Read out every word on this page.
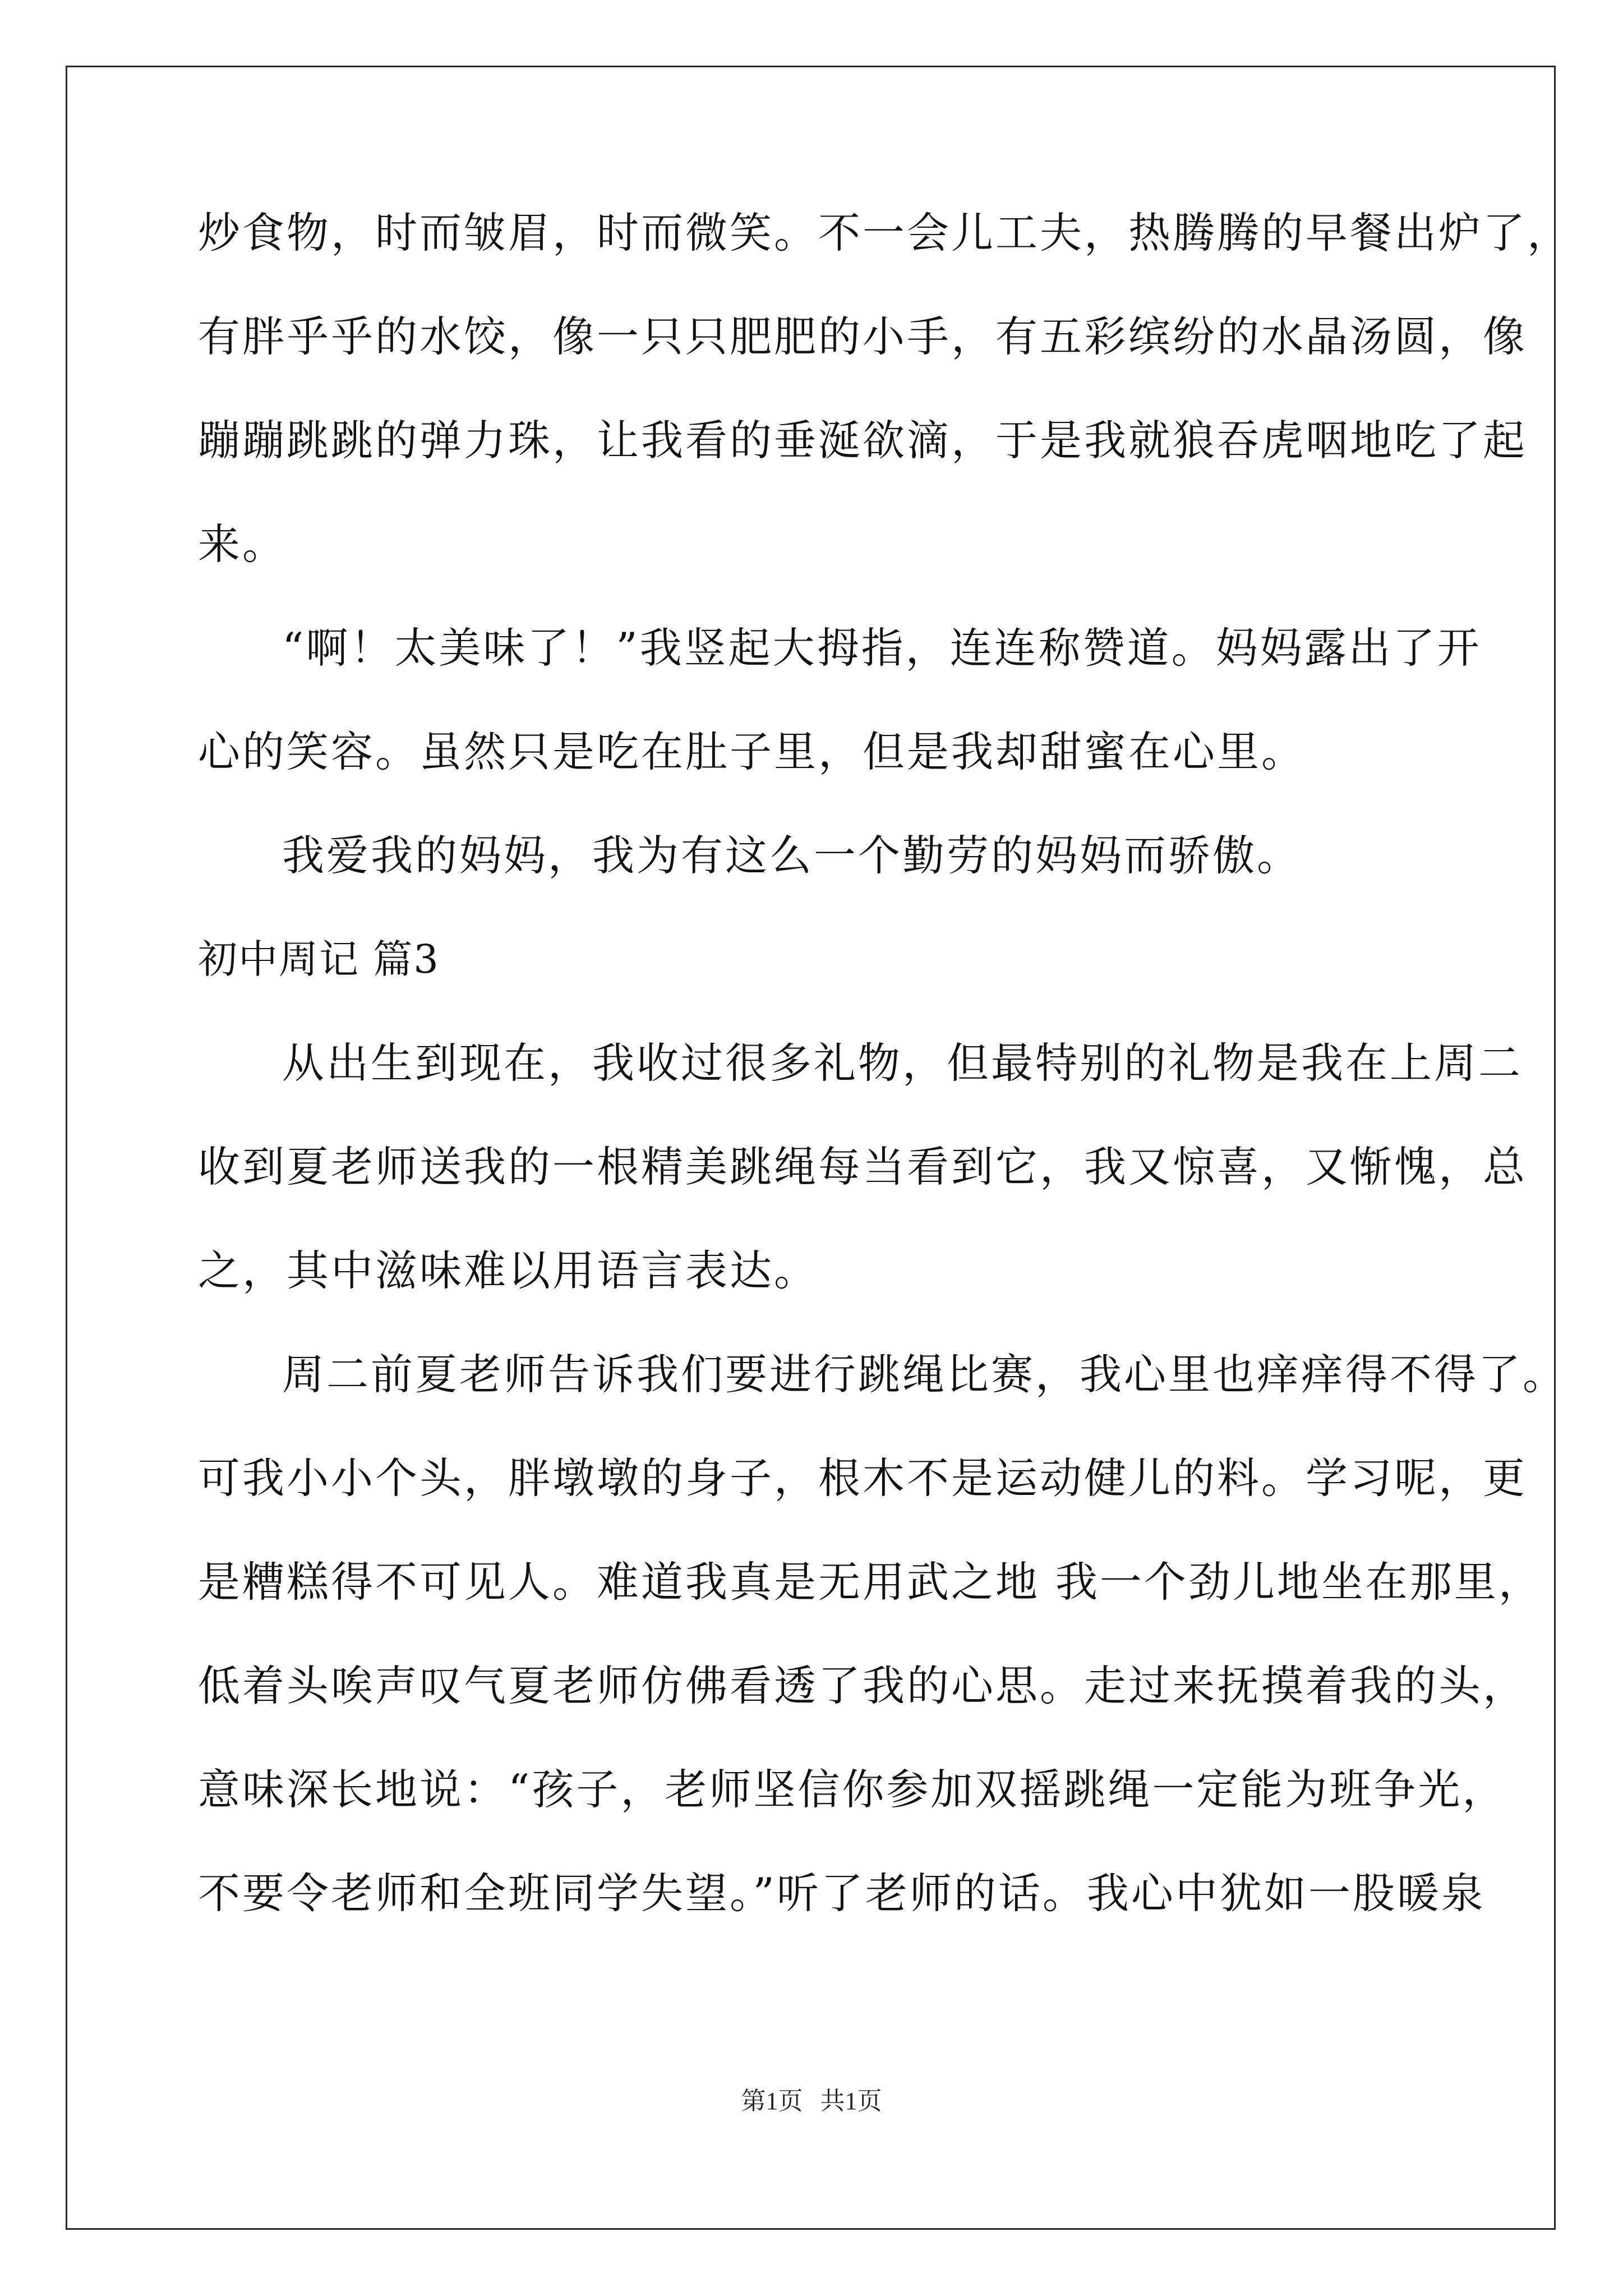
炒食物，时而皱眉，时而微笑。不一会儿工夫，热腾腾的早餐出炉了，
有胖乎乎的水饺，像一只只肥肥的小手，有五彩缤纷的水晶汤圆，像
蹦蹦跳跳的弹力珠，让我看的垂涎欲滴，于是我就狼吞虎咽地吃了起
来。
“啊！太美味了！”我竖起大拇指，连连称赞道。妈妈露出了开
心的笑容。虽然只是吃在肚子里，但是我却甜蜜在心里。
我爱我的妈妈，我为有这么一个勤劳的妈妈而骄傲。
初中周记 篇3
从出生到现在，我收过很多礼物，但最特别的礼物是我在上周二
收到夏老师送我的一根精美跳绳每当看到它，我又惊喜，又惭愧，总
之，其中滋味难以用语言表达。
周二前夏老师告诉我们要进行跳绳比赛，我心里也痒痒得不得了。
可我小小个头，胖墩墩的身子，根木不是运动健儿的料。学习呢，更
是糟糕得不可见人。难道我真是无用武之地 我一个劲儿地坐在那里，
低着头唉声叹气夏老师仿佛看透了我的心思。走过来抚摸着我的头，
意味深长地说：“孩子，老师坚信你参加双摇跳绳一定能为班争光，
不要令老师和全班同学失望。”听了老师的话。我心中犹如一股暖泉
第1页 共1页
